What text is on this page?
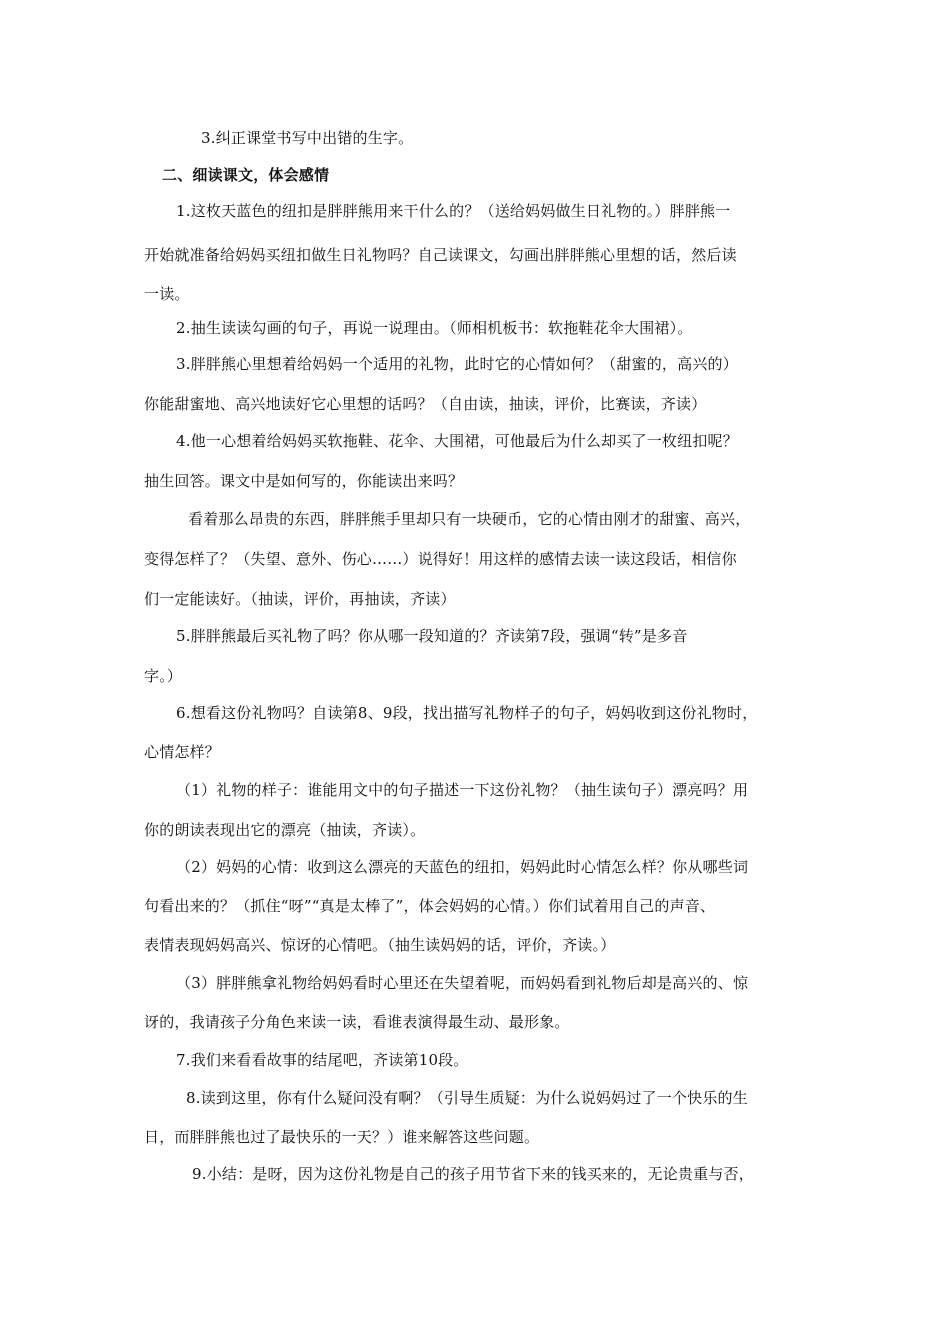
3.纠正课堂书写中出错的生字。

二、细读课文，体会感情

1.这枚天蓝色的纽扣是胖胖熊用来干什么的？（送给妈妈做生日礼物的。）胖胖熊一

开始就准备给妈妈买纽扣做生日礼物吗？自己读课文，勾画出胖胖熊心里想的话，然后读

一读。

2.抽生读读勾画的句子，再说一说理由。（师相机板书：软拖鞋花伞大围裙）。

3.胖胖熊心里想着给妈妈一个适用的礼物，此时它的心情如何？（甜蜜的，高兴的）

你能甜蜜地、高兴地读好它心里想的话吗？（自由读，抽读，评价，比赛读，齐读）

4.他一心想着给妈妈买软拖鞋、花伞、大围裙，可他最后为什么却买了一枚纽扣呢？

抽生回答。课文中是如何写的，你能读出来吗？

看着那么昂贵的东西，胖胖熊手里却只有一块硬币，它的心情由刚才的甜蜜、高兴，

变得怎样了？（失望、意外、伤心……）说得好！用这样的感情去读一读这段话，相信你

们一定能读好。（抽读，评价，再抽读，齐读）

5.胖胖熊最后买礼物了吗？你从哪一段知道的？齐读第7段，强调“转”是多音

字。）

6.想看这份礼物吗？自读第8、9段，找出描写礼物样子的句子，妈妈收到这份礼物时，

心情怎样？

（1）礼物的样子：谁能用文中的句子描述一下这份礼物？（抽生读句子）漂亮吗？用

你的朗读表现出它的漂亮（抽读，齐读）。

（2）妈妈的心情：收到这么漂亮的天蓝色的纽扣，妈妈此时心情怎么样？你从哪些词

句看出来的？（抓住“呀”“真是太棒了”，体会妈妈的心情。）你们试着用自己的声音、

表情表现妈妈高兴、惊讶的心情吧。（抽生读妈妈的话，评价，齐读。）

（3）胖胖熊拿礼物给妈妈看时心里还在失望着呢，而妈妈看到礼物后却是高兴的、惊

讶的，我请孩子分角色来读一读，看谁表演得最生动、最形象。

7.我们来看看故事的结尾吧，齐读第10段。

8.读到这里，你有什么疑问没有啊？（引导生质疑：为什么说妈妈过了一个快乐的生

日，而胖胖熊也过了最快乐的一天？）谁来解答这些问题。

9.小结：是呀，因为这份礼物是自己的孩子用节省下来的钱买来的，无论贵重与否，
